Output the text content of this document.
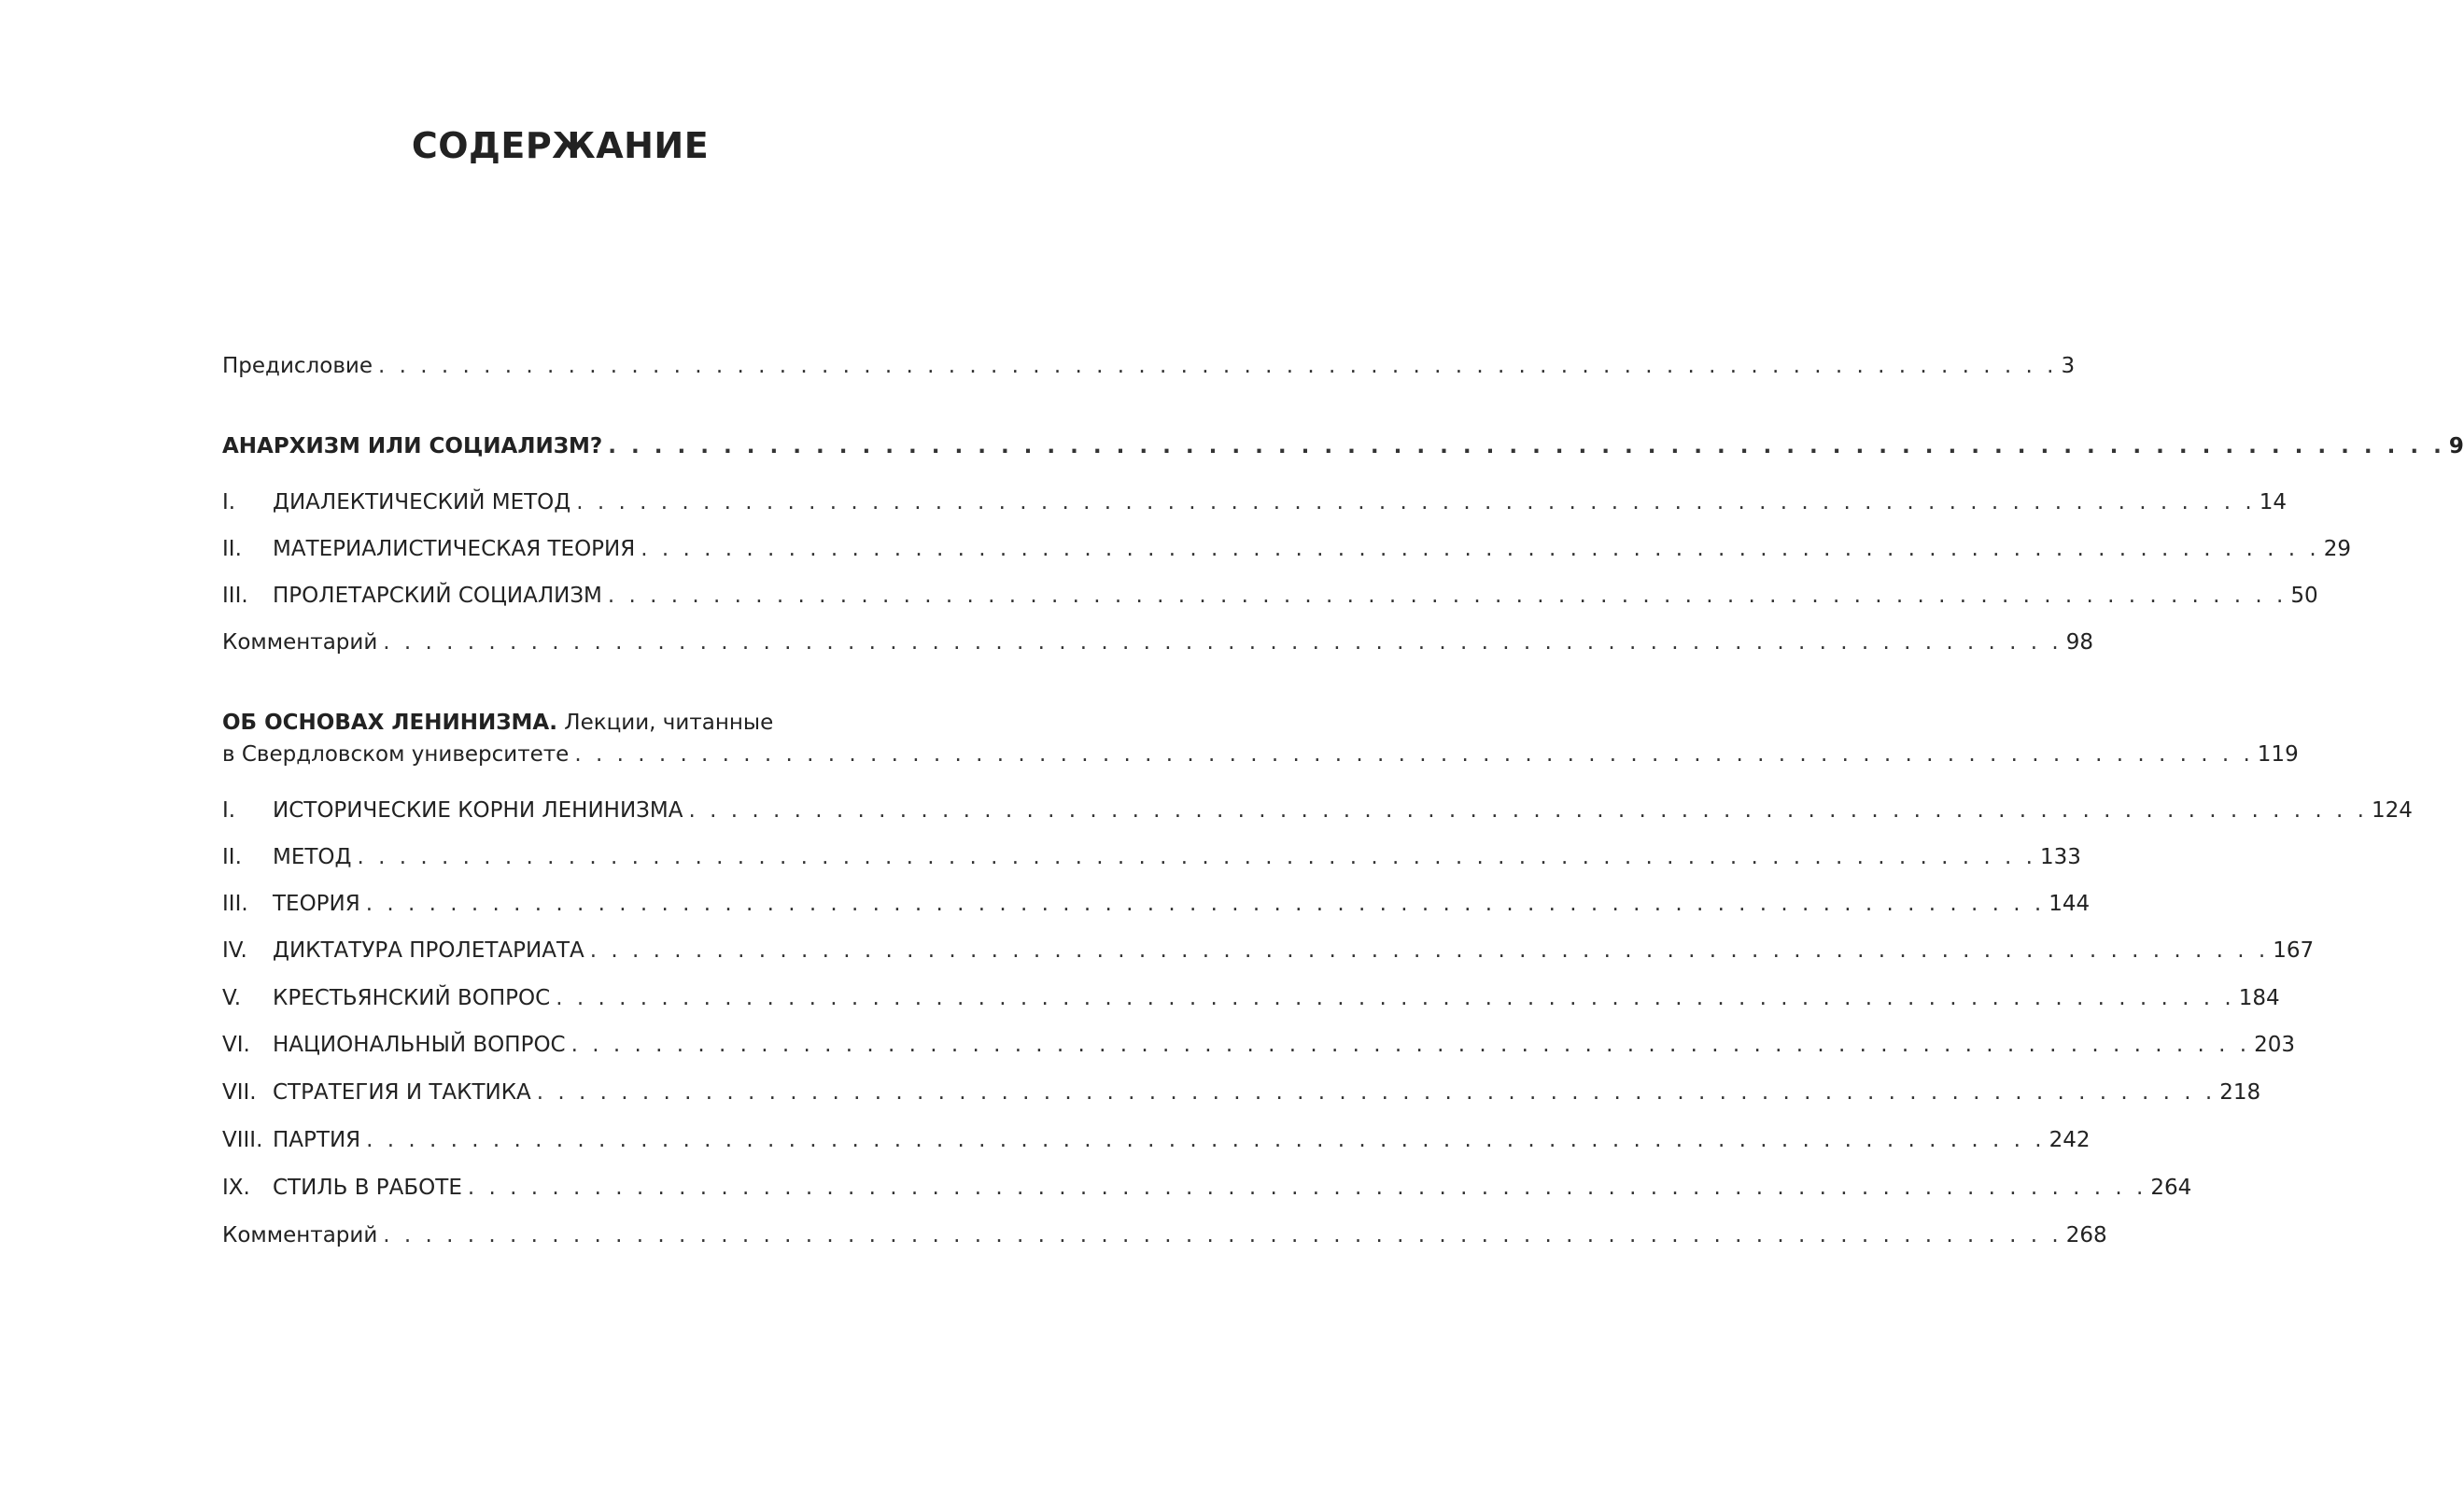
СОДЕРЖАНИЕ
Предисловие . . . . . . . . . . . . . . . . . . . . . . . . . . . . . . . . . . . . . . . . . . . . . . . . . . . . . . . . . . . . . . . . . . . . . . . . . . . . . . . . 3
АНАРХИЗМ ИЛИ СОЦИАЛИЗМ? . . . . . . . . . . . . . . . . . . . . . . . . . . . . . . . . . . . . . . . . . . . . . . . . . . . . . . . . . . . . . . . . . . . . . . . . . . . . . . . . 9
I.	ДИАЛЕКТИЧЕСКИЙ МЕТОД . . . . . . . . . . . . . . . . . . . . . . . . . . . . . . . . . . . . . . . . . . . . . . . . . . . . . . . . . . . . . . . . . . . . . . . . . . . . . . . . 14
II.	МАТЕРИАЛИСТИЧЕСКАЯ ТЕОРИЯ . . . . . . . . . . . . . . . . . . . . . . . . . . . . . . . . . . . . . . . . . . . . . . . . . . . . . . . . . . . . . . . . . . . . . . . . . . . . . . . . 29
III.	ПРОЛЕТАРСКИЙ СОЦИАЛИЗМ . . . . . . . . . . . . . . . . . . . . . . . . . . . . . . . . . . . . . . . . . . . . . . . . . . . . . . . . . . . . . . . . . . . . . . . . . . . . . . . . 50
Комментарий . . . . . . . . . . . . . . . . . . . . . . . . . . . . . . . . . . . . . . . . . . . . . . . . . . . . . . . . . . . . . . . . . . . . . . . . . . . . . . . . 98
ОБ ОСНОВАХ ЛЕНИНИЗМА. Лекции, читанные
в Свердловском университете . . . . . . . . . . . . . . . . . . . . . . . . . . . . . . . . . . . . . . . . . . . . . . . . . . . . . . . . . . . . . . . . . . . . . . . . . . . . . . . . 119
I.	ИСТОРИЧЕСКИЕ КОРНИ ЛЕНИНИЗМА . . . . . . . . . . . . . . . . . . . . . . . . . . . . . . . . . . . . . . . . . . . . . . . . . . . . . . . . . . . . . . . . . . . . . . . . . . . . . . . . 124
II.	МЕТОД . . . . . . . . . . . . . . . . . . . . . . . . . . . . . . . . . . . . . . . . . . . . . . . . . . . . . . . . . . . . . . . . . . . . . . . . . . . . . . . . 133
III.	ТЕОРИЯ . . . . . . . . . . . . . . . . . . . . . . . . . . . . . . . . . . . . . . . . . . . . . . . . . . . . . . . . . . . . . . . . . . . . . . . . . . . . . . . . 144
IV.	ДИКТАТУРА ПРОЛЕТАРИАТА . . . . . . . . . . . . . . . . . . . . . . . . . . . . . . . . . . . . . . . . . . . . . . . . . . . . . . . . . . . . . . . . . . . . . . . . . . . . . . . . 167
V.	КРЕСТЬЯНСКИЙ ВОПРОС . . . . . . . . . . . . . . . . . . . . . . . . . . . . . . . . . . . . . . . . . . . . . . . . . . . . . . . . . . . . . . . . . . . . . . . . . . . . . . . . 184
VI.	НАЦИОНАЛЬНЫЙ ВОПРОС . . . . . . . . . . . . . . . . . . . . . . . . . . . . . . . . . . . . . . . . . . . . . . . . . . . . . . . . . . . . . . . . . . . . . . . . . . . . . . . . 203
VII. СТРАТЕГИЯ И ТАКТИКА . . . . . . . . . . . . . . . . . . . . . . . . . . . . . . . . . . . . . . . . . . . . . . . . . . . . . . . . . . . . . . . . . . . . . . . . . . . . . . . . 218
VIII. ПАРТИЯ . . . . . . . . . . . . . . . . . . . . . . . . . . . . . . . . . . . . . . . . . . . . . . . . . . . . . . . . . . . . . . . . . . . . . . . . . . . . . . . . 242
IX.	СТИЛЬ В РАБОТЕ . . . . . . . . . . . . . . . . . . . . . . . . . . . . . . . . . . . . . . . . . . . . . . . . . . . . . . . . . . . . . . . . . . . . . . . . . . . . . . . . 264
Комментарий . . . . . . . . . . . . . . . . . . . . . . . . . . . . . . . . . . . . . . . . . . . . . . . . . . . . . . . . . . . . . . . . . . . . . . . . . . . . . . . . 268
